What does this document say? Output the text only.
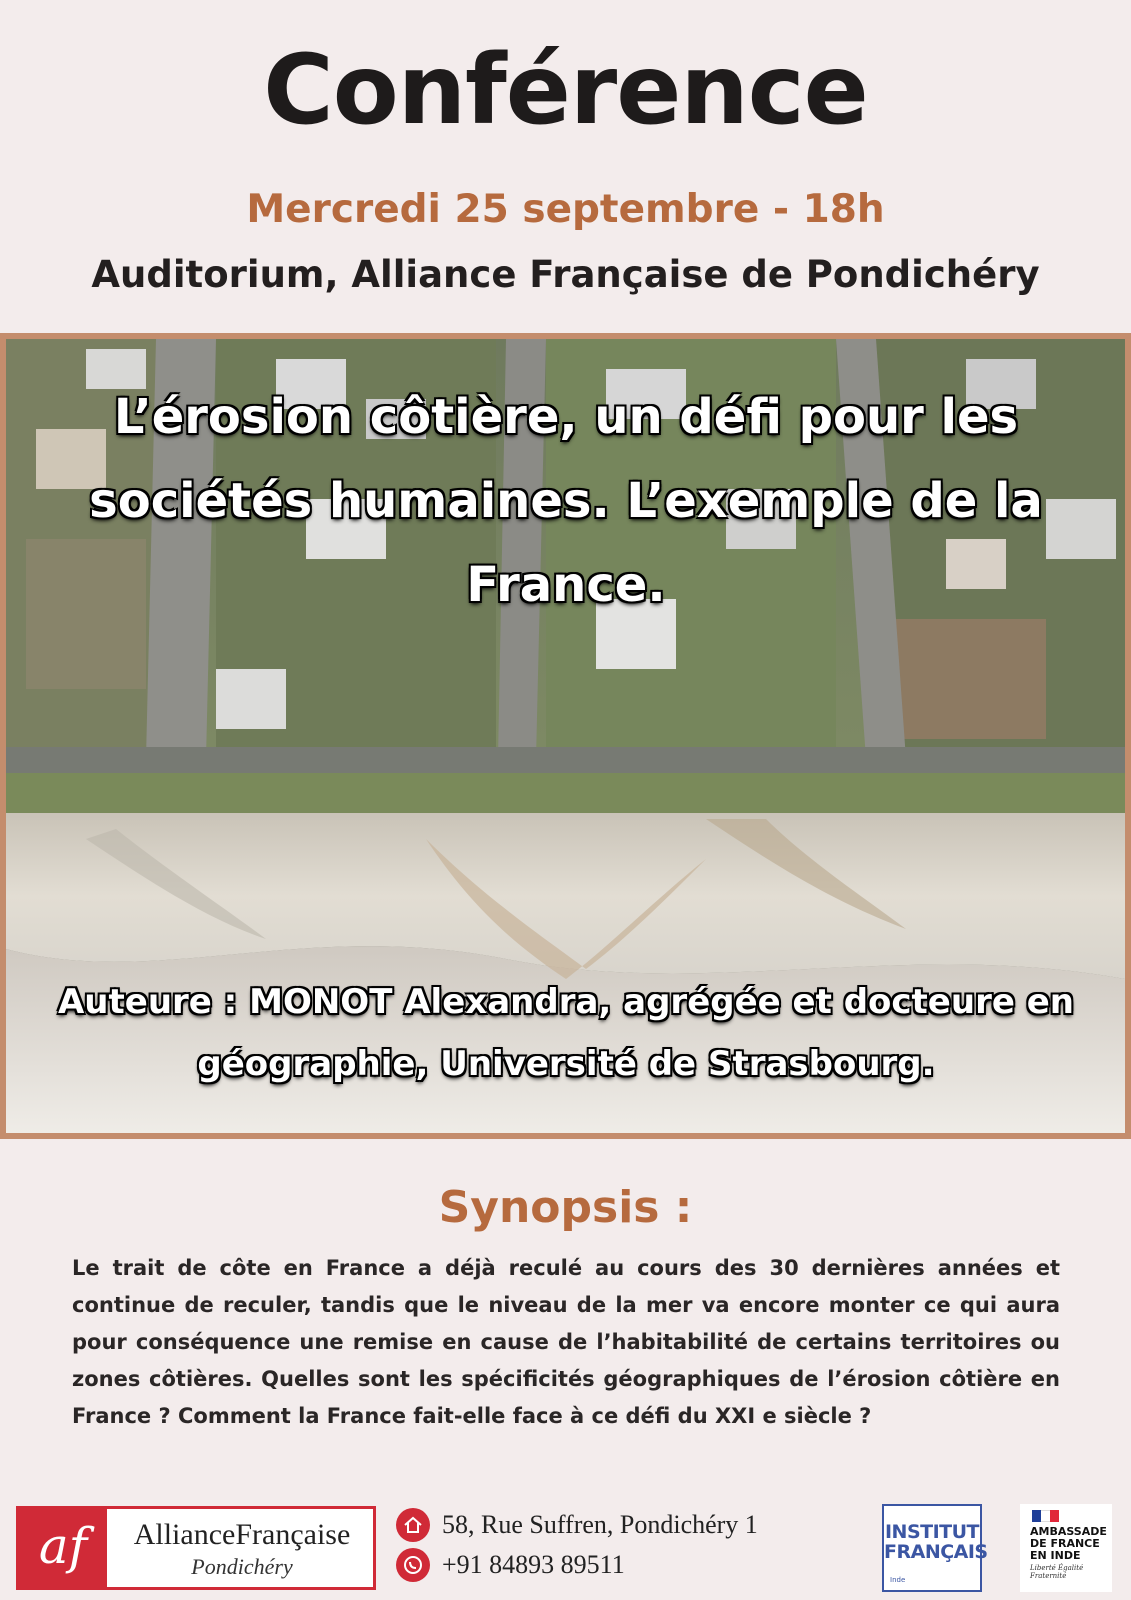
Conférence
Mercredi 25 septembre - 18h
Auditorium, Alliance Française de Pondichéry
L’érosion côtière, un défi pour les sociétés humaines. L’exemple de la France.
Auteure : MONOT Alexandra, agrégée et docteure en géographie, Université de Strasbourg.
Synopsis :
Le trait de côte en France a déjà reculé au cours des 30 dernières années et continue de reculer, tandis que le niveau de la mer va encore monter ce qui aura pour conséquence une remise en cause de l’habitabilité de certains territoires ou zones côtières. Quelles sont les spécificités géographiques de l’érosion côtière en France ? Comment la France fait-elle face à ce défi du XXI e siècle ?
af	AllianceFrançaise
Pondichéry
58, Rue Suffren, Pondichéry 1
+91 84893 89511
INSTITUT FRANÇAIS
Inde
AMBASSADE DE FRANCE EN INDE
Liberté Égalité Fraternité
